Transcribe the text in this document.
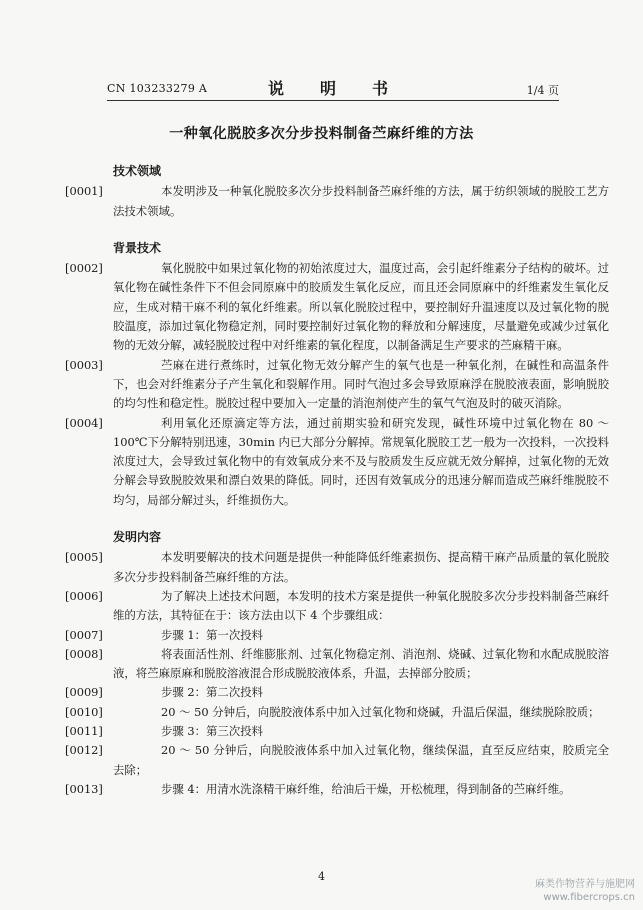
CN 103233279 A	说　明　书	1/4 页
一种氧化脱胶多次分步投料制备苎麻纤维的方法
技术领域

[0001]	本发明涉及一种氧化脱胶多次分步投料制备苎麻纤维的方法，属于纺织领域的脱胶工艺方法技术领域。

背景技术

[0002]	氧化脱胶中如果过氧化物的初始浓度过大，温度过高，会引起纤维素分子结构的破坏。过氧化物在碱性条件下不但会同原麻中的胶质发生氧化反应，而且还会同原麻中的纤维素发生氧化反应，生成对精干麻不利的氧化纤维素。所以氧化脱胶过程中，要控制好升温速度以及过氧化物的脱胶温度，添加过氧化物稳定剂，同时要控制好过氧化物的释放和分解速度，尽量避免或减少过氧化物的无效分解，减轻脱胶过程中对纤维素的氧化程度，以制备满足生产要求的苎麻精干麻。

[0003]	苎麻在进行煮练时，过氧化物无效分解产生的氧气也是一种氧化剂，在碱性和高温条件下，也会对纤维素分子产生氧化和裂解作用。同时气泡过多会导致原麻浮在脱胶液表面，影响脱胶的均匀性和稳定性。脱胶过程中要加入一定量的消泡剂使产生的氧气气泡及时的破灭消除。

[0004]	利用氧化还原滴定等方法，通过前期实验和研究发现，碱性环境中过氧化物在 80 ～ 100℃下分解特别迅速，30min 内已大部分分解掉。常规氧化脱胶工艺一般为一次投料，一次投料浓度过大，会导致过氧化物中的有效氧成分来不及与胶质发生反应就无效分解掉，过氧化物的无效分解会导致脱胶效果和漂白效果的降低。同时，还因有效氧成分的迅速分解而造成苎麻纤维脱胶不均匀，局部分解过头，纤维损伤大。

发明内容

[0005]	本发明要解决的技术问题是提供一种能降低纤维素损伤、提高精干麻产品质量的氧化脱胶多次分步投料制备苎麻纤维的方法。

[0006]	为了解决上述技术问题，本发明的技术方案是提供一种氧化脱胶多次分步投料制备苎麻纤维的方法，其特征在于：该方法由以下 4 个步骤组成：

[0007]	步骤 1：第一次投料

[0008]	将表面活性剂、纤维膨胀剂、过氧化物稳定剂、消泡剂、烧碱、过氧化物和水配成脱胶溶液，将苎麻原麻和脱胶溶液混合形成脱胶液体系，升温，去掉部分胶质；

[0009]	步骤 2：第二次投料

[0010]	20 ～ 50 分钟后，向脱胶液体系中加入过氧化物和烧碱，升温后保温，继续脱除胶质；

[0011]	步骤 3：第三次投料

[0012]	20 ～ 50 分钟后，向脱胶液体系中加入过氧化物，继续保温，直至反应结束，胶质完全去除；

[0013]	步骤 4：用清水洗涤精干麻纤维，给油后干燥，开松梳理，得到制备的苎麻纤维。

4
麻类作物营养与施肥网
www.fibercrops.cn
